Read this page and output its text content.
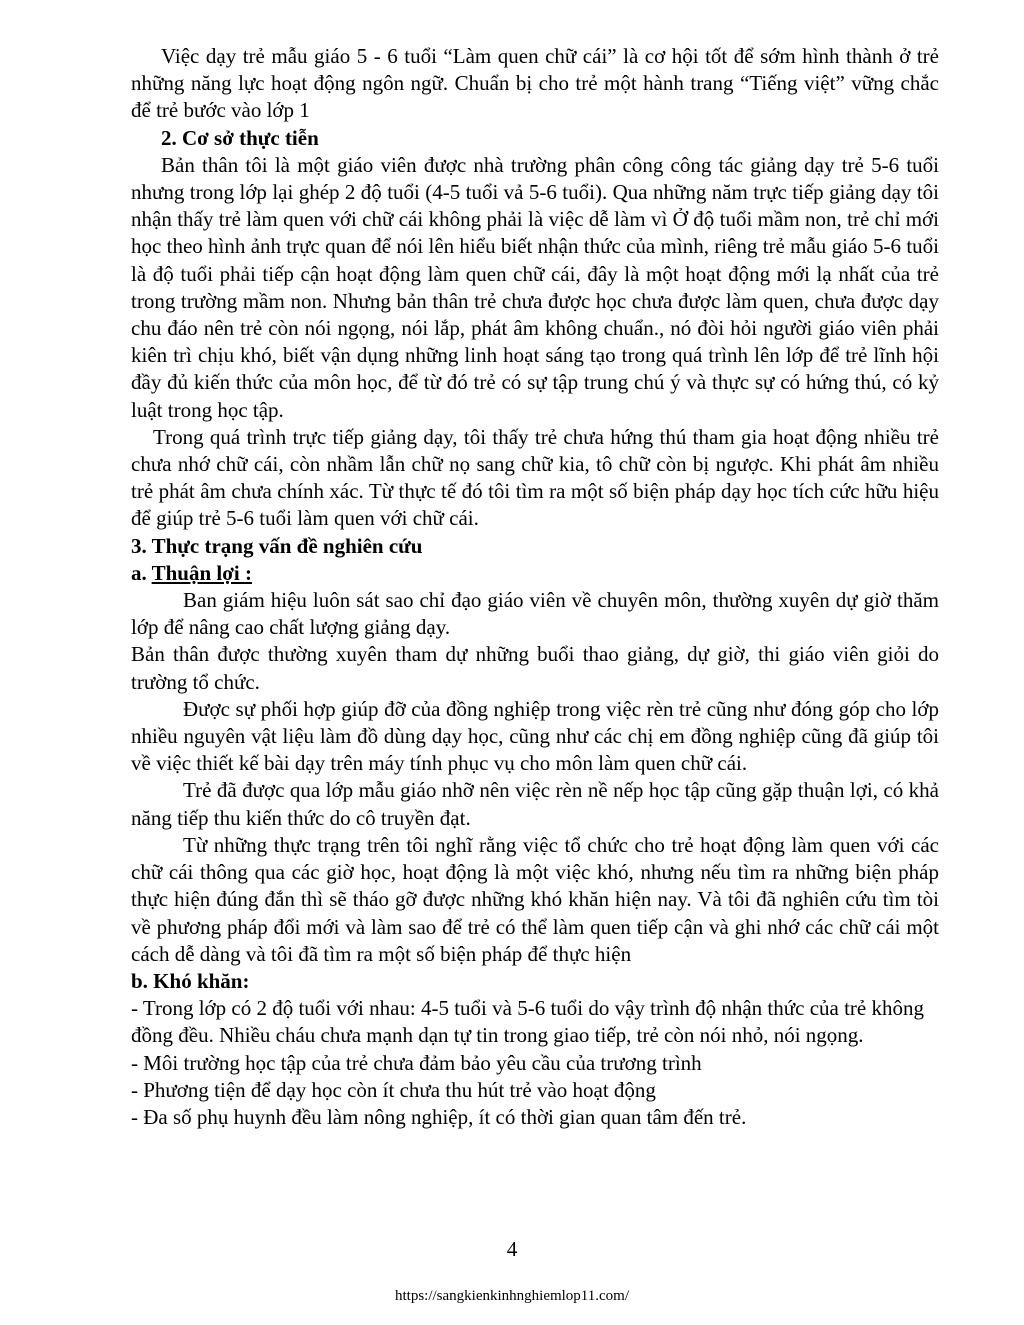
Việc dạy trẻ mẫu giáo 5 - 6 tuổi “Làm quen chữ cái” là cơ hội tốt để sớm hình thành ở trẻ những năng lực hoạt động ngôn ngữ. Chuẩn bị cho trẻ một hành trang “Tiếng việt” vững chắc để trẻ bước vào lớp 1

2. Cơ sở thực tiễn

Bản thân tôi là một giáo viên được nhà trường phân công công tác giảng dạy trẻ 5-6 tuổi nhưng trong lớp lại ghép 2 độ tuổi (4-5 tuổi vả 5-6 tuổi). Qua những năm trực tiếp giảng dạy tôi nhận thấy trẻ làm quen với chữ cái không phải là việc dễ làm vì Ở độ tuổi mầm non, trẻ chỉ mới học theo hình ảnh trực quan để nói lên hiểu biết nhận thức của mình, riêng trẻ mẫu giáo 5-6 tuổi là độ tuổi phải tiếp cận hoạt động làm quen chữ cái, đây là một hoạt động mới lạ nhất của trẻ trong trường mầm non. Nhưng bản thân trẻ chưa được học chưa được làm quen, chưa được dạy chu đáo nên trẻ còn nói ngọng, nói lắp, phát âm không chuẩn., nó đòi hỏi người giáo viên phải kiên trì chịu khó, biết vận dụng những linh hoạt sáng tạo trong quá trình lên lớp để trẻ lĩnh hội đầy đủ kiến thức của môn học, để từ đó trẻ có sự tập trung chú ý và thực sự có hứng thú, có kỷ luật trong học tập.

Trong quá trình trực tiếp giảng dạy, tôi thấy trẻ chưa hứng thú tham gia hoạt động nhiều trẻ chưa nhớ chữ cái, còn nhầm lẫn chữ nọ sang chữ kia, tô chữ còn bị ngược. Khi phát âm nhiều trẻ phát âm chưa chính xác. Từ thực tế đó tôi tìm ra một số biện pháp dạy học tích cức hữu hiệu để giúp trẻ 5-6 tuổi làm quen với chữ cái.

3. Thực trạng vấn đề nghiên cứu

a. Thuận lợi :

Ban giám hiệu luôn sát sao chỉ đạo giáo viên về chuyên môn, thường xuyên dự giờ thăm lớp để nâng cao chất lượng giảng dạy.

Bản thân được thường xuyên tham dự những buổi thao giảng, dự giờ, thi giáo viên giỏi do trường tổ chức.

Được sự phối hợp giúp đỡ của đồng nghiệp trong việc rèn trẻ cũng như đóng góp cho lớp nhiều nguyên vật liệu làm đồ dùng dạy học, cũng như các chị em đồng nghiệp cũng đã giúp tôi về việc thiết kế bài dạy trên máy tính phục vụ cho môn làm quen chữ cái.

Trẻ đã được qua lớp mẫu giáo nhỡ nên việc rèn nề nếp học tập cũng gặp thuận lợi, có khả năng tiếp thu kiến thức do cô truyền đạt.

Từ những thực trạng trên tôi nghĩ rằng việc tổ chức cho trẻ hoạt động làm quen với các chữ cái thông qua các giờ học, hoạt động là một việc khó, nhưng nếu tìm ra những biện pháp thực hiện đúng đắn thì sẽ tháo gỡ được những khó khăn hiện nay. Và tôi đã nghiên cứu tìm tòi về phương pháp đổi mới và làm sao để trẻ có thể làm quen tiếp cận và ghi nhớ các chữ cái một cách dễ dàng và tôi đã tìm ra một số biện pháp để thực hiện

b. Khó khăn:

- Trong lớp có 2 độ tuổi với nhau: 4-5 tuổi và 5-6 tuổi do vậy trình độ nhận thức của trẻ không đồng đều. Nhiều cháu chưa mạnh dạn tự tin trong giao tiếp, trẻ còn nói nhỏ, nói ngọng.

- Môi trường học tập của trẻ chưa đảm bảo yêu cầu của trương trình

- Phương tiện để dạy học còn ít chưa thu hút trẻ vào hoạt động

- Đa số phụ huynh đều làm nông nghiệp, ít có thời gian quan tâm đến trẻ.

4
https://sangkienkinhnghiemlop11.com/
